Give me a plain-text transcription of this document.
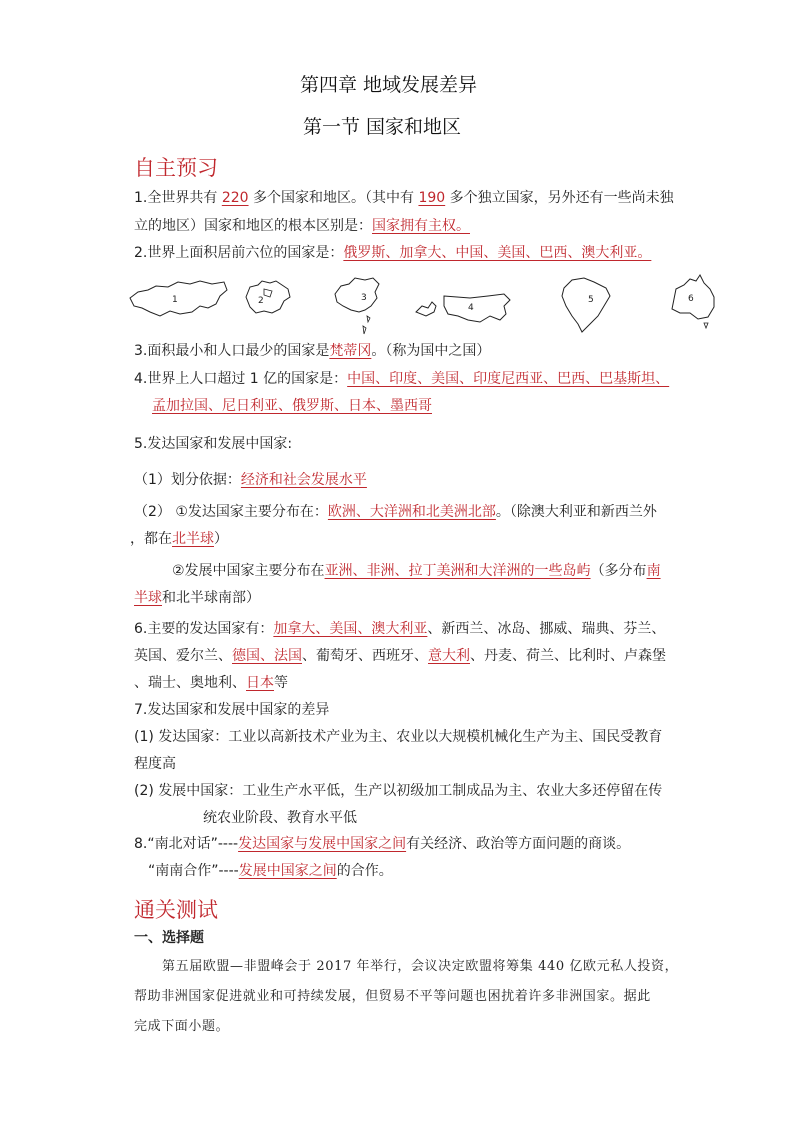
第四章 地域发展差异
第一节 国家和地区
自主预习
1.全世界共有 220 多个国家和地区。（其中有 190 多个独立国家，另外还有一些尚未独
立的地区）国家和地区的根本区别是：国家拥有主权。
2.世界上面积居前六位的国家是：俄罗斯、加拿大、中国、美国、巴西、澳大利亚。
1	2	3
4
5	6
3.面积最小和人口最少的国家是梵蒂冈。（称为国中之国）
4.世界上人口超过 1 亿的国家是：中国、印度、美国、印度尼西亚、巴西、巴基斯坦、
孟加拉国、尼日利亚、俄罗斯、日本、墨西哥
5.发达国家和发展中国家:
（1）划分依据：经济和社会发展水平
（2） ①发达国家主要分布在：欧洲、大洋洲和北美洲北部。（除澳大利亚和新西兰外
，都在北半球）
②发展中国家主要分布在亚洲、非洲、拉丁美洲和大洋洲的一些岛屿（多分布南
半球和北半球南部）
6.主要的发达国家有：加拿大、美国、澳大利亚、新西兰、冰岛、挪威、瑞典、芬兰、
英国、爱尔兰、德国、法国、葡萄牙、西班牙、意大利、丹麦、荷兰、比利时、卢森堡
、瑞士、奥地利、日本等
7.发达国家和发展中国家的差异
(1) 发达国家：工业以高新技术产业为主、农业以大规模机械化生产为主、国民受教育
程度高
(2) 发展中国家：工业生产水平低，生产以初级加工制成品为主、农业大多还停留在传
统农业阶段、教育水平低
8.“南北对话”----发达国家与发展中国家之间有关经济、政治等方面问题的商谈。
“南南合作”----发展中国家之间的合作。
通关测试
一、选择题
第五届欧盟—非盟峰会于 2017 年举行，会议决定欧盟将筹集 440 亿欧元私人投资，
帮助非洲国家促进就业和可持续发展，但贸易不平等问题也困扰着许多非洲国家。据此
完成下面小题。
